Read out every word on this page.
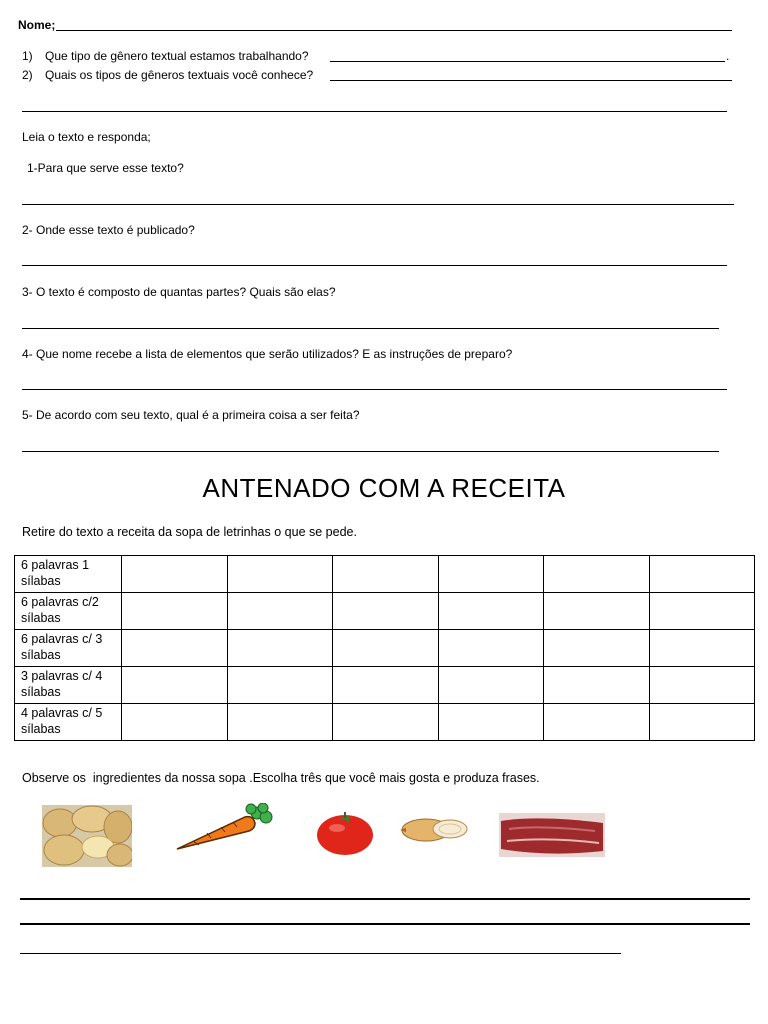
Nome;
1) Que tipo de gênero textual estamos trabalhando?	.
2) Quais os tipos de gêneros textuais você conhece?
Leia o texto e responda;
1-Para que serve esse texto?
2- Onde esse texto é publicado?
3- O texto é composto de quantas partes? Quais são elas?
4- Que nome recebe a lista de elementos que serão utilizados? E as instruções de preparo?
5- De acordo com seu texto, qual é a primeira coisa a ser feita?
ANTENADO COM A RECEITA
Retire do texto a receita da sopa de letrinhas o que se pede.
6 palavras 1
sílabas						
6 palavras c/2
sílabas						
6 palavras c/ 3
sílabas						
3 palavras c/ 4
sílabas						
4 palavras c/ 5
sílabas						
Observe os  ingredientes da nossa sopa .Escolha três que você mais gosta e produza frases.
